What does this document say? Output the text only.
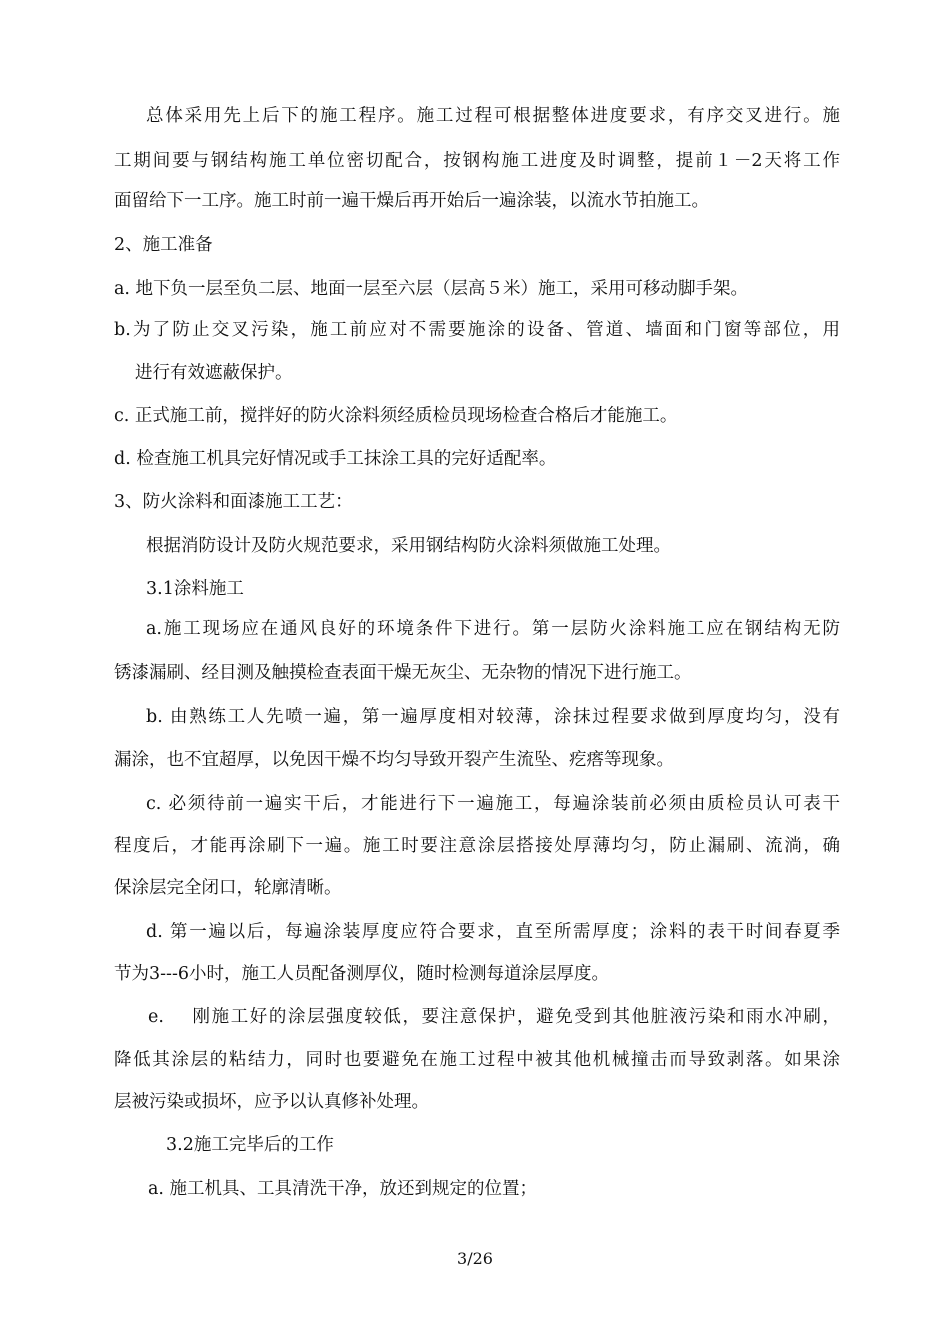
总体采用先上后下的施工程序。施工过程可根据整体进度要求，有序交叉进行。施
工期间要与钢结构施工单位密切配合，按钢构施工进度及时调整，提前１－2天将工作
面留给下一工序。施工时前一遍干燥后再开始后一遍涂装，以流水节拍施工。
2、施工准备
a. 地下负一层至负二层、地面一层至六层（层高５米）施工，采用可移动脚手架。
b.为了防止交叉污染，施工前应对不需要施涂的设备、管道、墙面和门窗等部位，用
进行有效遮蔽保护。
c. 正式施工前，搅拌好的防火涂料须经质检员现场检查合格后才能施工。
d. 检查施工机具完好情况或手工抹涂工具的完好适配率。
3、防火涂料和面漆施工工艺：
根据消防设计及防火规范要求，采用钢结构防火涂料须做施工处理。
3.1涂料施工
a.施工现场应在通风良好的环境条件下进行。第一层防火涂料施工应在钢结构无防
锈漆漏刷、经目测及触摸检查表面干燥无灰尘、无杂物的情况下进行施工。
b. 由熟练工人先喷一遍，第一遍厚度相对较薄，涂抹过程要求做到厚度均匀，没有
漏涂，也不宜超厚，以免因干燥不均匀导致开裂产生流坠、疙瘩等现象。
c. 必须待前一遍实干后，才能进行下一遍施工，每遍涂装前必须由质检员认可表干
程度后，才能再涂刷下一遍。施工时要注意涂层搭接处厚薄均匀，防止漏刷、流淌，确
保涂层完全闭口，轮廓清晰。
d. 第一遍以后，每遍涂装厚度应符合要求，直至所需厚度；涂料的表干时间春夏季
节为3---6小时，施工人员配备测厚仪，随时检测每道涂层厚度。
e.    刚施工好的涂层强度较低，要注意保护，避免受到其他脏液污染和雨水冲刷，
降低其涂层的粘结力，同时也要避免在施工过程中被其他机械撞击而导致剥落。如果涂
层被污染或损坏，应予以认真修补处理。
3.2施工完毕后的工作
a. 施工机具、工具清洗干净，放还到规定的位置；
3/26
